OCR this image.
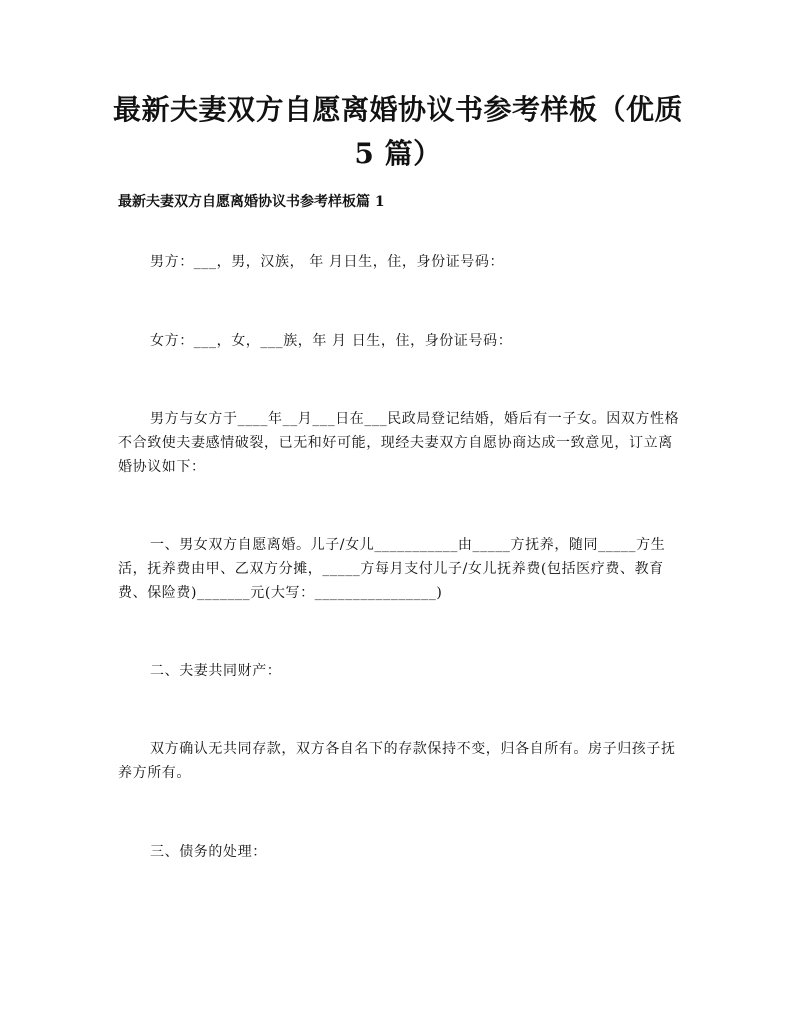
最新夫妻双方自愿离婚协议书参考样板（优质 5 篇）
最新夫妻双方自愿离婚协议书参考样板篇 1

男方：___，男，汉族， 年 月日生，住，身份证号码：

女方：___，女，___族，年 月 日生，住，身份证号码：

男方与女方于____年__月___日在___民政局登记结婚，婚后有一子女。因双方性格不合致使夫妻感情破裂，已无和好可能，现经夫妻双方自愿协商达成一致意见，订立离婚协议如下：

一、男女双方自愿离婚。儿子/女儿___________由_____方抚养，随同_____方生活，抚养费由甲、乙双方分摊，_____方每月支付儿子/女儿抚养费(包括医疗费、教育费、保险费)_______元(大写：________________)

二、夫妻共同财产：

双方确认无共同存款，双方各自名下的存款保持不变，归各自所有。房子归孩子抚养方所有。

三、债务的处理：
